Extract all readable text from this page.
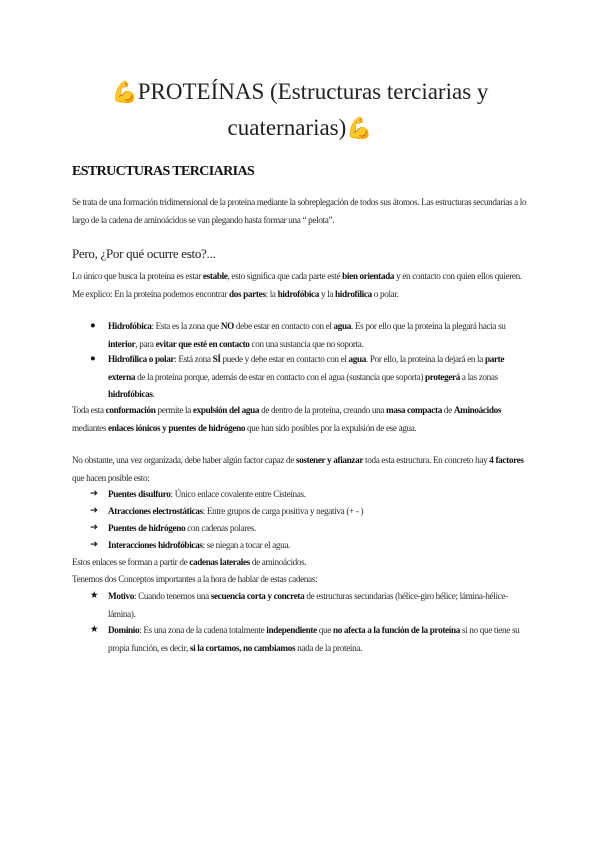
💪PROTEÍNAS (Estructuras terciarias y
cuaternarias)💪
ESTRUCTURAS TERCIARIAS
Se trata de una formación tridimensional de la proteína mediante la sobreplegación de todos sus átomos. Las estructuras secundarias a lo largo de la cadena de aminoácidos se van plegando hasta formar una “ pelota”.
Pero, ¿Por qué ocurre esto?...
Lo único que busca la proteína es estar estable, esto significa que cada parte esté bien orientada y en contacto con quien ellos quieren. Me explico: En la proteína podemos encontrar dos partes: la hidrofóbica y la hidrofílica o polar.
● Hidrofóbica: Esta es la zona que NO debe estar en contacto con el agua. Es por ello que la proteína la plegará hacia su interior, para evitar que esté en contacto con una sustancia que no soporta.
● Hidrofílica o polar: Está zona SÍ puede y debe estar en contacto con el agua. Por ello, la proteína la dejará en la parte externa de la proteína porque, además de estar en contacto con el agua (sustancia que soporta) protegerá a las zonas hidrofóbicas.
Toda esta conformación permite la expulsión del agua de dentro de la proteína, creando una masa compacta de Aminoácidos mediantes enlaces iónicos y puentes de hidrógeno que han sido posibles por la expulsión de ese agua.
No obstante, una vez organizada, debe haber algún factor capaz de sostener y afianzar toda esta estructura. En concreto hay 4 factores que hacen posible esto:
➔ Puentes disulfuro: Único enlace covalente entre Cisteínas.
➔ Atracciones electrostáticas: Entre grupos de carga positiva y negativa (+ - )
➔ Puentes de hidrógeno con cadenas polares.
➔ Interacciones hidrofóbicas: se niegan a tocar el agua.
Estos enlaces se forman a partir de cadenas laterales de aminoácidos.
Tenemos dos Conceptos importantes a la hora de hablar de estas cadenas:
★ Motivo: Cuando tenemos una secuencia corta y concreta de estructuras secundarias (hélice-giro hélice; lámina-hélice-lámina).
★ Dominio: Es una zona de la cadena totalmente independiente que no afecta a la función de la proteína si no que tiene su propia función, es decir, si la cortamos, no cambiamos nada de la proteína.
